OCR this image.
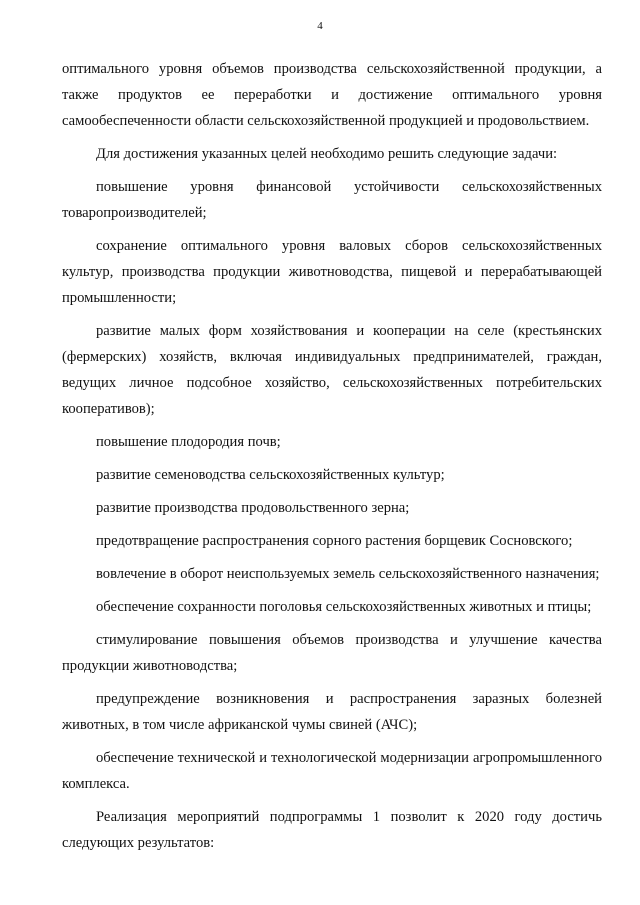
4

оптимального уровня объемов производства сельскохозяйственной продукции, а также продуктов ее переработки и достижение оптимального уровня самообеспеченности области сельскохозяйственной продукцией и продовольствием.

Для достижения указанных целей необходимо решить следующие задачи:

повышение уровня финансовой устойчивости сельскохозяйственных товаропроизводителей;

сохранение оптимального уровня валовых сборов сельскохозяйственных культур, производства продукции животноводства, пищевой и перерабатывающей промышленности;

развитие малых форм хозяйствования и кооперации на селе (крестьянских (фермерских) хозяйств, включая индивидуальных предпринимателей, граждан, ведущих личное подсобное хозяйство, сельскохозяйственных потребительских кооперативов);

повышение плодородия почв;

развитие семеноводства сельскохозяйственных культур;

развитие производства продовольственного зерна;

предотвращение распространения сорного растения борщевик Сосновского;

вовлечение в оборот неиспользуемых земель сельскохозяйственного назначения;

обеспечение сохранности поголовья сельскохозяйственных животных и птицы;

стимулирование повышения объемов производства и улучшение качества продукции животноводства;

предупреждение возникновения и распространения заразных болезней животных, в том числе африканской чумы свиней (АЧС);

обеспечение технической и технологической модернизации агропромышленного комплекса.

Реализация мероприятий подпрограммы 1 позволит к 2020 году достичь следующих результатов:
